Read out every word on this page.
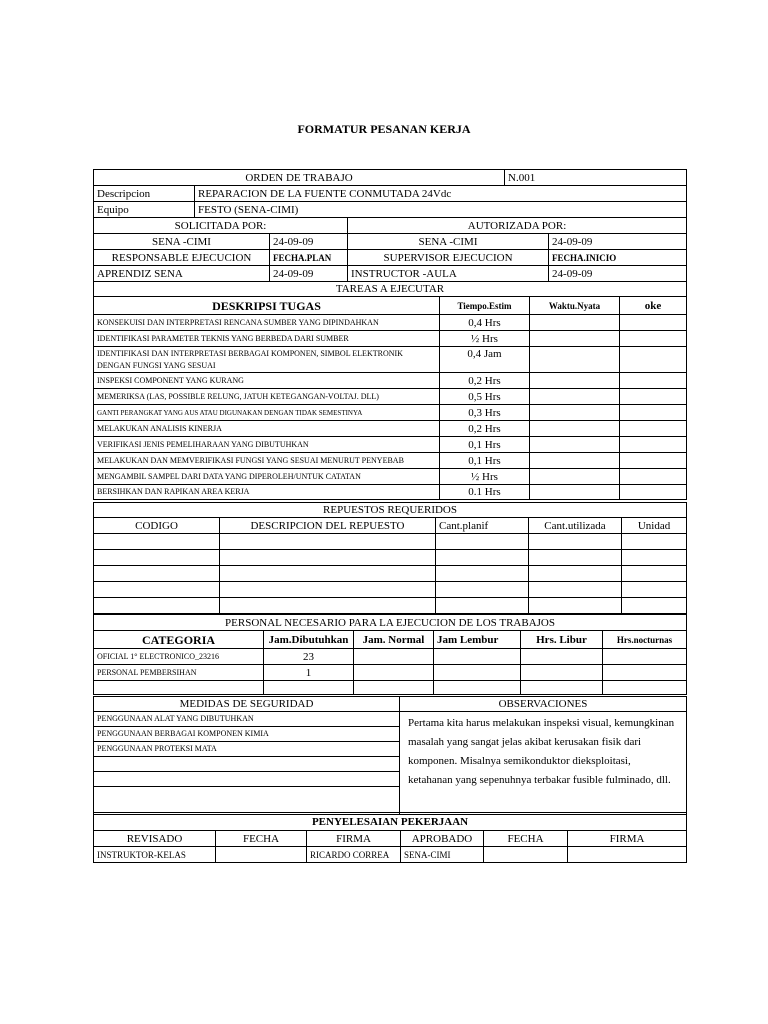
FORMATUR PESANAN KERJA
ORDEN DE TRABAJO				N.001	
Descripcion	REPARACION DE LA FUENTE CONMUTADA 24Vdc				
Equipo	FESTO (SENA-CIMI)				
SOLICITADA POR:			AUTORIZADA POR:		
SENA -CIMI		24-09-09	SENA -CIMI		24-09-09
RESPONSABLE EJECUCION		FECHA.PLAN	SUPERVISOR EJECUCION		FECHA.INICIO
APRENDIZ SENA		24-09-09	INSTRUCTOR -AULA		24-09-09
TAREAS A EJECUTAR			
DESKRIPSI TUGAS	Tiempo.Estim	Waktu.Nyata	oke
KONSEKUISI DAN INTERPRETASI RENCANA SUMBER YANG DIPINDAHKAN	0,4 Hrs		
IDENTIFIKASI PARAMETER TEKNIS YANG BERBEDA DARI SUMBER	½ Hrs		
IDENTIFIKASI DAN INTERPRETASI BERBAGAI KOMPONEN, SIMBOL ELEKTRONIK DENGAN FUNGSI YANG SESUAI	0,4 Jam		
INSPEKSI COMPONENT YANG KURANG	0,2 Hrs		
MEMERIKSA (LAS, POSSIBLE RELUNG, JATUH KETEGANGAN-VOLTAJ. DLL)	0,5 Hrs		
GANTI PERANGKAT YANG AUS ATAU DIGUNAKAN DENGAN TIDAK SEMESTINYA	0,3 Hrs		
MELAKUKAN ANALISIS KINERJA	0,2 Hrs		
VERIFIKASI JENIS PEMELIHARAAN YANG DIBUTUHKAN	0,1 Hrs		
MELAKUKAN DAN MEMVERIFIKASI FUNGSI YANG SESUAI MENURUT PENYEBAB	0,1 Hrs		
MENGAMBIL SAMPEL DARI DATA YANG DIPEROLEH/UNTUK CATATAN	½ Hrs		
BERSIHKAN DAN RAPIKAN AREA KERJA	0.1 Hrs		
REPUESTOS REQUERIDOS				
CODIGO	DESCRIPCION DEL REPUESTO	Cant.planif	Cant.utilizada	Unidad

PERSONAL NECESARIO PARA LA EJECUCION DE LOS TRABAJOS					
CATEGORIA	Jam.Dibutuhkan	Jam. Normal	Jam Lembur	Hrs. Libur	Hrs.nocturnas
OFICIAL 1° ELECTRONICO_23216	23				
PERSONAL PEMBERSIHAN	1				

MEDIDAS DE SEGURIDAD	OBSERVACIONES
PENGGUNAAN ALAT YANG DIBUTUHKAN	Pertama kita harus melakukan inspeksi visual, kemungkinan masalah yang sangat jelas akibat kerusakan fisik dari komponen. Misalnya semikonduktor dieksploitasi, ketahanan yang sepenuhnya terbakar fusible fulminado, dll.
PENGGUNAAN BERBAGAI KOMPONEN KIMIA	
PENGGUNAAN PROTEKSI MATA	

PENYELESAIAN PEKERJAAN					
REVISADO	FECHA	FIRMA	APROBADO	FECHA	FIRMA
INSTRUKTOR-KELAS		RICARDO CORREA	SENA-CIMI		
